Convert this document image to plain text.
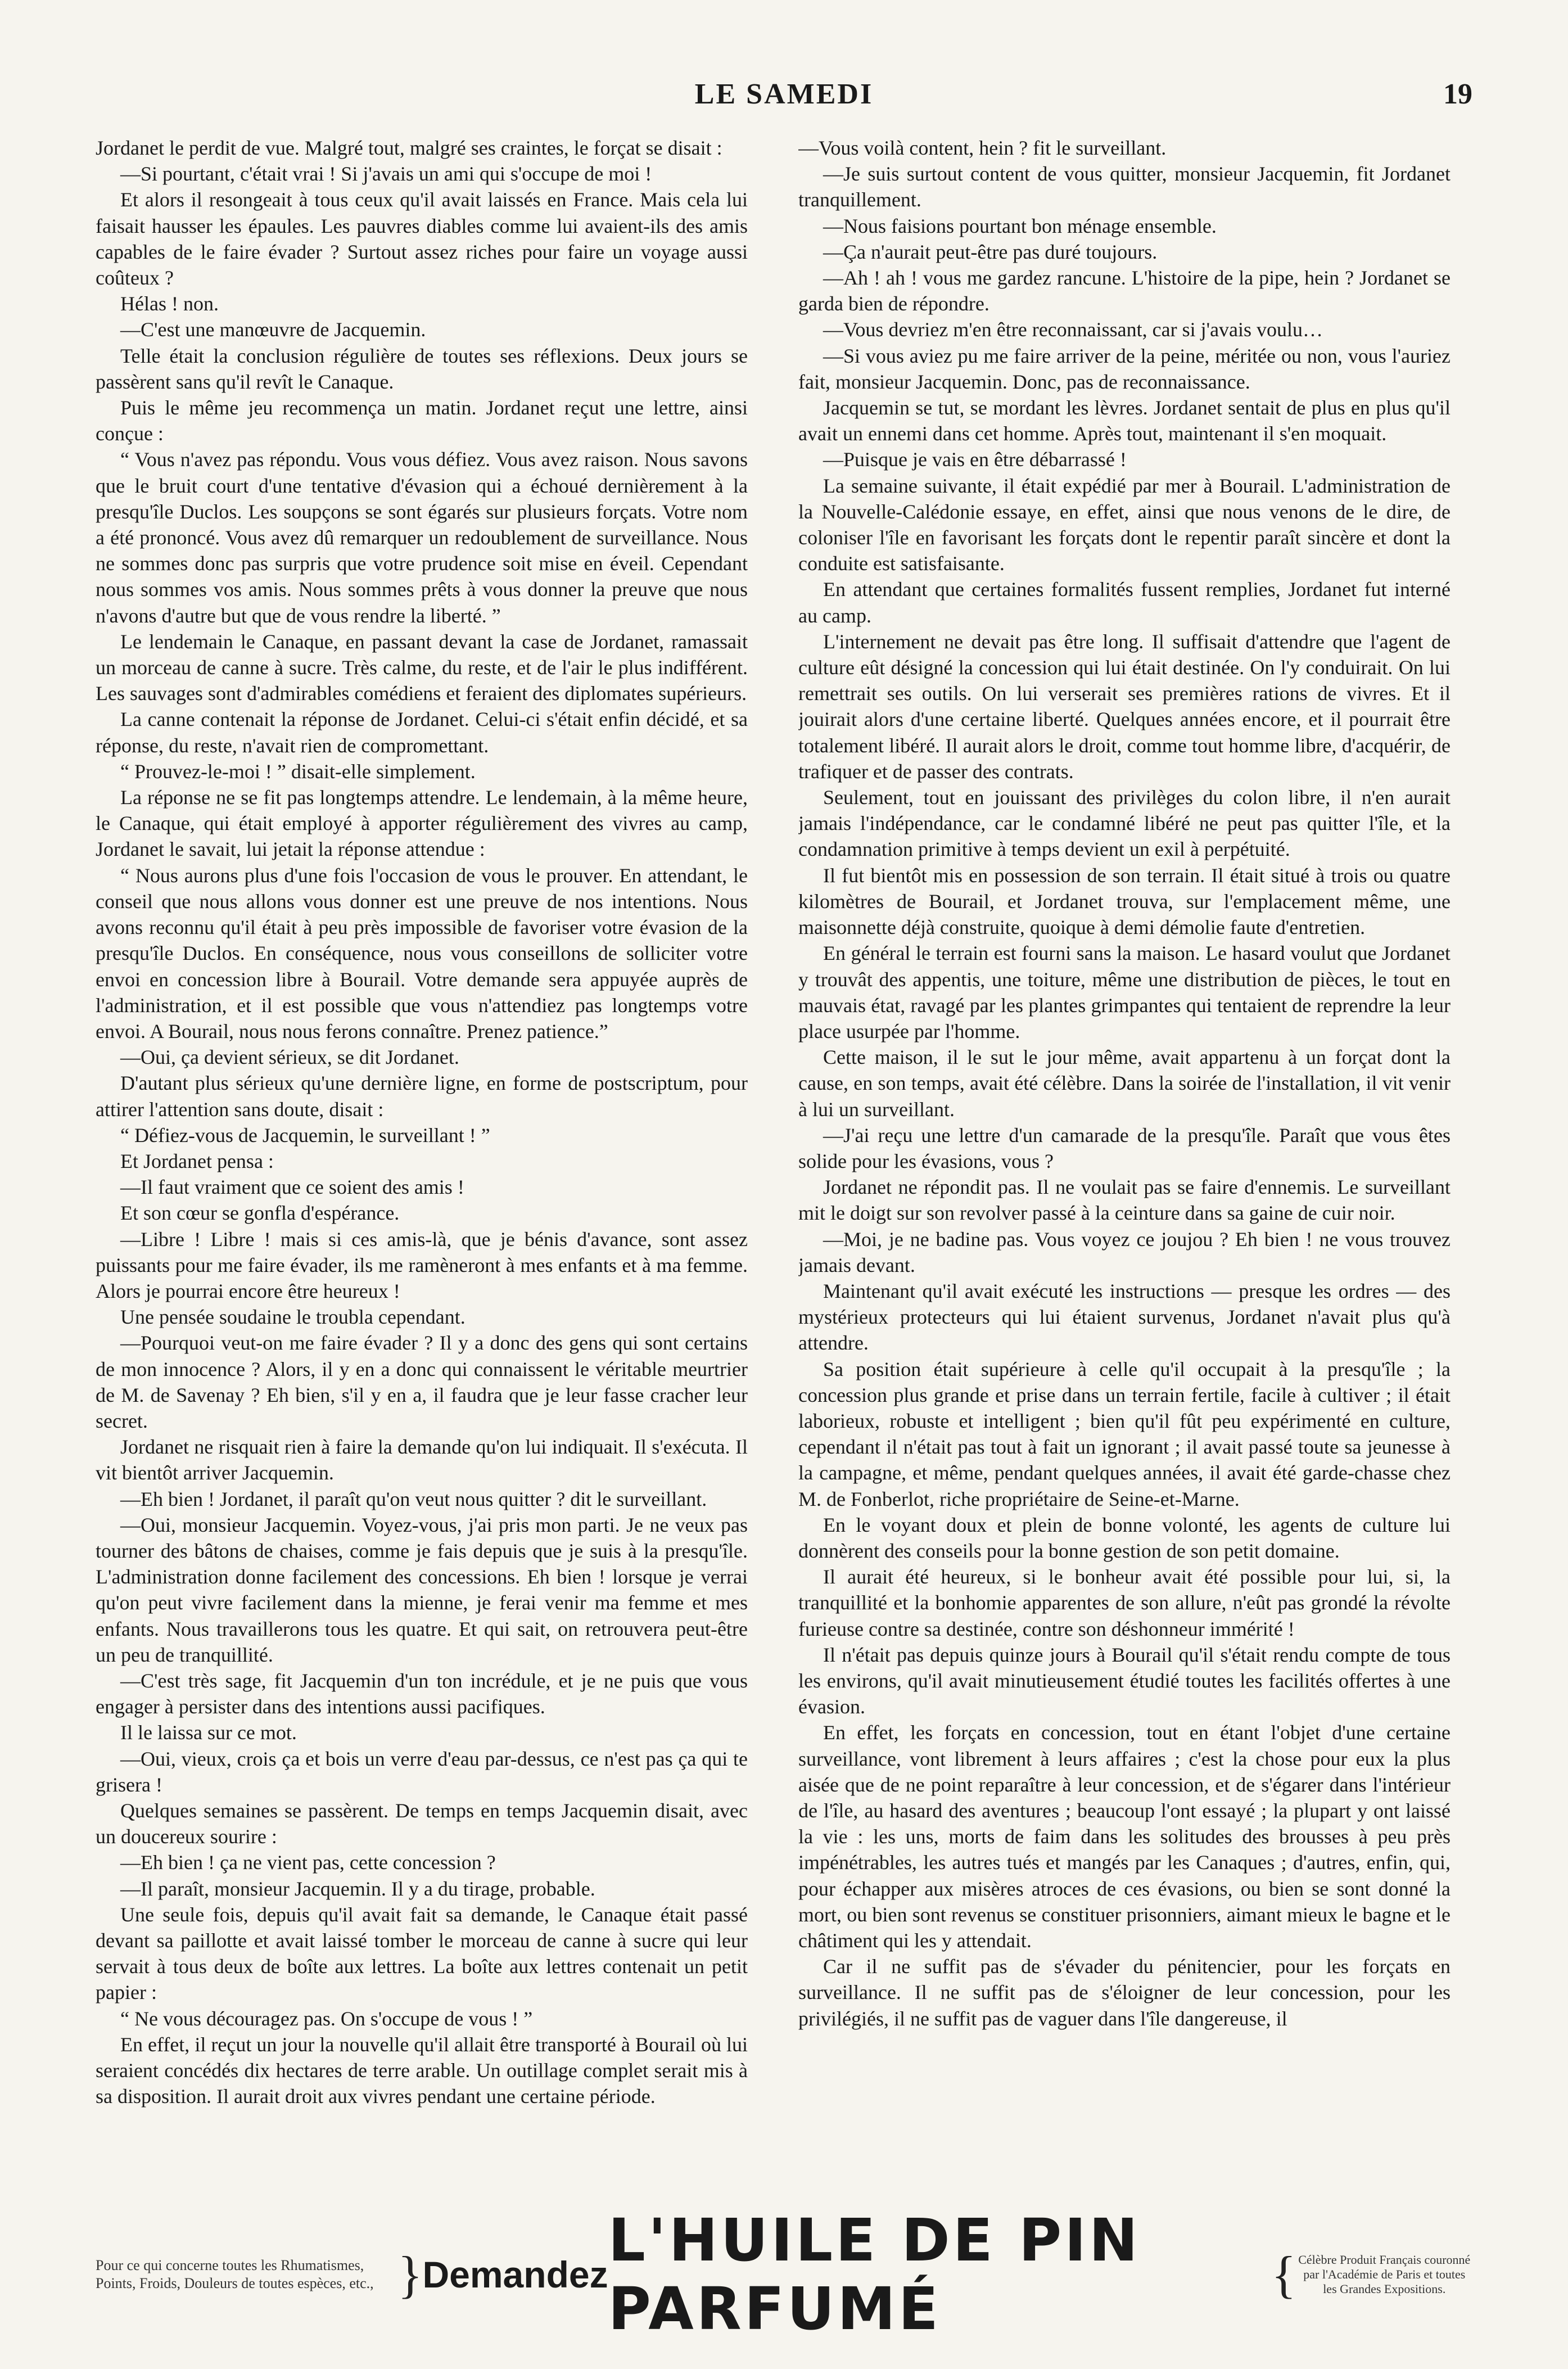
LE SAMEDI	19

Jordanet le perdit de vue. Malgré tout, malgré ses craintes, le forçat se disait :

—Si pourtant, c'était vrai ! Si j'avais un ami qui s'occupe de moi !

Et alors il resongeait à tous ceux qu'il avait laissés en France. Mais cela lui faisait hausser les épaules. Les pauvres diables comme lui avaient-ils des amis capables de le faire évader ? Surtout assez riches pour faire un voyage aussi coûteux ?

Hélas ! non.

—C'est une manœuvre de Jacquemin.

Telle était la conclusion régulière de toutes ses réflexions. Deux jours se passèrent sans qu'il revît le Canaque.

Puis le même jeu recommença un matin. Jordanet reçut une lettre, ainsi conçue :

“ Vous n'avez pas répondu. Vous vous défiez. Vous avez raison. Nous savons que le bruit court d'une tentative d'évasion qui a échoué dernièrement à la presqu'île Duclos. Les soupçons se sont égarés sur plusieurs forçats. Votre nom a été prononcé. Vous avez dû remarquer un redoublement de surveillance. Nous ne sommes donc pas surpris que votre prudence soit mise en éveil. Cependant nous sommes vos amis. Nous sommes prêts à vous donner la preuve que nous n'avons d'autre but que de vous rendre la liberté. ”

Le lendemain le Canaque, en passant devant la case de Jordanet, ramassait un morceau de canne à sucre. Très calme, du reste, et de l'air le plus indifférent. Les sauvages sont d'admirables comédiens et feraient des diplomates supérieurs.

La canne contenait la réponse de Jordanet. Celui-ci s'était enfin décidé, et sa réponse, du reste, n'avait rien de compromettant.

“ Prouvez-le-moi ! ” disait-elle simplement.

La réponse ne se fit pas longtemps attendre. Le lendemain, à la même heure, le Canaque, qui était employé à apporter régulièrement des vivres au camp, Jordanet le savait, lui jetait la réponse attendue :

“ Nous aurons plus d'une fois l'occasion de vous le prouver. En attendant, le conseil que nous allons vous donner est une preuve de nos intentions. Nous avons reconnu qu'il était à peu près impossible de favoriser votre évasion de la presqu'île Duclos. En conséquence, nous vous conseillons de solliciter votre envoi en concession libre à Bourail. Votre demande sera appuyée auprès de l'administration, et il est possible que vous n'attendiez pas longtemps votre envoi. A Bourail, nous nous ferons connaître. Prenez patience.”

—Oui, ça devient sérieux, se dit Jordanet.

D'autant plus sérieux qu'une dernière ligne, en forme de postscriptum, pour attirer l'attention sans doute, disait :

“ Défiez-vous de Jacquemin, le surveillant ! ”

Et Jordanet pensa :

—Il faut vraiment que ce soient des amis !

Et son cœur se gonfla d'espérance.

—Libre ! Libre ! mais si ces amis-là, que je bénis d'avance, sont assez puissants pour me faire évader, ils me ramèneront à mes enfants et à ma femme. Alors je pourrai encore être heureux !

Une pensée soudaine le troubla cependant.

—Pourquoi veut-on me faire évader ? Il y a donc des gens qui sont certains de mon innocence ? Alors, il y en a donc qui connaissent le véritable meurtrier de M. de Savenay ? Eh bien, s'il y en a, il faudra que je leur fasse cracher leur secret.

Jordanet ne risquait rien à faire la demande qu'on lui indiquait. Il s'exécuta. Il vit bientôt arriver Jacquemin.

—Eh bien ! Jordanet, il paraît qu'on veut nous quitter ? dit le surveillant.

—Oui, monsieur Jacquemin. Voyez-vous, j'ai pris mon parti. Je ne veux pas tourner des bâtons de chaises, comme je fais depuis que je suis à la presqu'île. L'administration donne facilement des concessions. Eh bien ! lorsque je verrai qu'on peut vivre facilement dans la mienne, je ferai venir ma femme et mes enfants. Nous travaillerons tous les quatre. Et qui sait, on retrouvera peut-être un peu de tranquillité.

—C'est très sage, fit Jacquemin d'un ton incrédule, et je ne puis que vous engager à persister dans des intentions aussi pacifiques.

Il le laissa sur ce mot.

—Oui, vieux, crois ça et bois un verre d'eau par-dessus, ce n'est pas ça qui te grisera !

Quelques semaines se passèrent. De temps en temps Jacquemin disait, avec un doucereux sourire :

—Eh bien ! ça ne vient pas, cette concession ?

—Il paraît, monsieur Jacquemin. Il y a du tirage, probable.

Une seule fois, depuis qu'il avait fait sa demande, le Canaque était passé devant sa paillotte et avait laissé tomber le morceau de canne à sucre qui leur servait à tous deux de boîte aux lettres. La boîte aux lettres contenait un petit papier :

“ Ne vous découragez pas. On s'occupe de vous ! ”

En effet, il reçut un jour la nouvelle qu'il allait être transporté à Bourail où lui seraient concédés dix hectares de terre arable. Un outillage complet serait mis à sa disposition. Il aurait droit aux vivres pendant une certaine période.

—Vous voilà content, hein ? fit le surveillant.

—Je suis surtout content de vous quitter, monsieur Jacquemin, fit Jordanet tranquillement.

—Nous faisions pourtant bon ménage ensemble.

—Ça n'aurait peut-être pas duré toujours.

—Ah ! ah ! vous me gardez rancune. L'histoire de la pipe, hein ? Jordanet se garda bien de répondre.

—Vous devriez m'en être reconnaissant, car si j'avais voulu…

—Si vous aviez pu me faire arriver de la peine, méritée ou non, vous l'auriez fait, monsieur Jacquemin. Donc, pas de reconnaissance.

Jacquemin se tut, se mordant les lèvres. Jordanet sentait de plus en plus qu'il avait un ennemi dans cet homme. Après tout, maintenant il s'en moquait.

—Puisque je vais en être débarrassé !

La semaine suivante, il était expédié par mer à Bourail. L'administration de la Nouvelle-Calédonie essaye, en effet, ainsi que nous venons de le dire, de coloniser l'île en favorisant les forçats dont le repentir paraît sincère et dont la conduite est satisfaisante.

En attendant que certaines formalités fussent remplies, Jordanet fut interné au camp.

L'internement ne devait pas être long. Il suffisait d'attendre que l'agent de culture eût désigné la concession qui lui était destinée. On l'y conduirait. On lui remettrait ses outils. On lui verserait ses premières rations de vivres. Et il jouirait alors d'une certaine liberté. Quelques années encore, et il pourrait être totalement libéré. Il aurait alors le droit, comme tout homme libre, d'acquérir, de trafiquer et de passer des contrats.

Seulement, tout en jouissant des privilèges du colon libre, il n'en aurait jamais l'indépendance, car le condamné libéré ne peut pas quitter l'île, et la condamnation primitive à temps devient un exil à perpétuité.

Il fut bientôt mis en possession de son terrain. Il était situé à trois ou quatre kilomètres de Bourail, et Jordanet trouva, sur l'emplacement même, une maisonnette déjà construite, quoique à demi démolie faute d'entretien.

En général le terrain est fourni sans la maison. Le hasard voulut que Jordanet y trouvât des appentis, une toiture, même une distribution de pièces, le tout en mauvais état, ravagé par les plantes grimpantes qui tentaient de reprendre la leur place usurpée par l'homme.

Cette maison, il le sut le jour même, avait appartenu à un forçat dont la cause, en son temps, avait été célèbre. Dans la soirée de l'installation, il vit venir à lui un surveillant.

—J'ai reçu une lettre d'un camarade de la presqu'île. Paraît que vous êtes solide pour les évasions, vous ?

Jordanet ne répondit pas. Il ne voulait pas se faire d'ennemis. Le surveillant mit le doigt sur son revolver passé à la ceinture dans sa gaine de cuir noir.

—Moi, je ne badine pas. Vous voyez ce joujou ? Eh bien ! ne vous trouvez jamais devant.

Maintenant qu'il avait exécuté les instructions — presque les ordres — des mystérieux protecteurs qui lui étaient survenus, Jordanet n'avait plus qu'à attendre.

Sa position était supérieure à celle qu'il occupait à la presqu'île ; la concession plus grande et prise dans un terrain fertile, facile à cultiver ; il était laborieux, robuste et intelligent ; bien qu'il fût peu expérimenté en culture, cependant il n'était pas tout à fait un ignorant ; il avait passé toute sa jeunesse à la campagne, et même, pendant quelques années, il avait été garde-chasse chez M. de Fonberlot, riche propriétaire de Seine-et-Marne.

En le voyant doux et plein de bonne volonté, les agents de culture lui donnèrent des conseils pour la bonne gestion de son petit domaine.

Il aurait été heureux, si le bonheur avait été possible pour lui, si, la tranquillité et la bonhomie apparentes de son allure, n'eût pas grondé la révolte furieuse contre sa destinée, contre son déshonneur immérité !

Il n'était pas depuis quinze jours à Bourail qu'il s'était rendu compte de tous les environs, qu'il avait minutieusement étudié toutes les facilités offertes à une évasion.

En effet, les forçats en concession, tout en étant l'objet d'une certaine surveillance, vont librement à leurs affaires ; c'est la chose pour eux la plus aisée que de ne point reparaître à leur concession, et de s'égarer dans l'intérieur de l'île, au hasard des aventures ; beaucoup l'ont essayé ; la plupart y ont laissé la vie : les uns, morts de faim dans les solitudes des brousses à peu près impénétrables, les autres tués et mangés par les Canaques ; d'autres, enfin, qui, pour échapper aux misères atroces de ces évasions, ou bien se sont donné la mort, ou bien sont revenus se constituer prisonniers, aimant mieux le bagne et le châtiment qui les y attendait.

Car il ne suffit pas de s'évader du pénitencier, pour les forçats en surveillance. Il ne suffit pas de s'éloigner de leur concession, pour les privilégiés, il ne suffit pas de vaguer dans l'île dangereuse, il

Pour ce qui concerne toutes les Rhumatismes, Points, Froids, Douleurs de toutes espèces, etc., } Demandez L'HUILE DE PIN PARFUMÉ	{ Célèbre Produit Français couronné par l'Académie de Paris et toutes les Grandes Expositions.
